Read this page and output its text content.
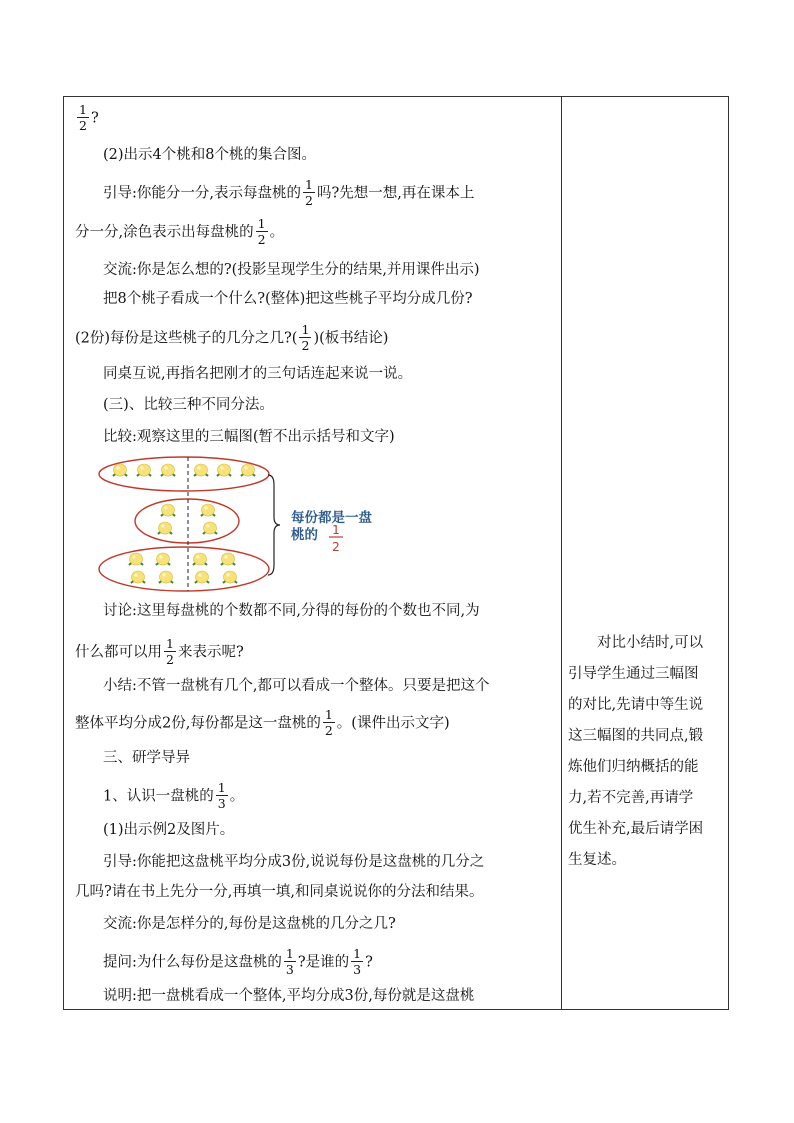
$\frac{1}{2}$ ?
(2)出示4个桃和8个桃的集合图。
引导:你能分一分,表示每盘桃的 $\frac{1}{2}$ 吗?先想一想,再在课本上
分一分,涂色表示出每盘桃的 $\frac{1}{2}$ 。
交流:你是怎么想的?(投影呈现学生分的结果,并用课件出示)
把8个桃子看成一个什么?(整体)把这些桃子平均分成几份?
(2份)每份是这些桃子的几分之几?( $\frac{1}{2}$ )(板书结论)
同桌互说,再指名把刚才的三句话连起来说一说。
(三)、比较三种不同分法。
比较:观察这里的三幅图(暂不出示括号和文字)
讨论:这里每盘桃的个数都不同,分得的每份的个数也不同,为
什么都可以用 $\frac{1}{2}$ 来表示呢?
小结:不管一盘桃有几个,都可以看成一个整体。只要是把这个
整体平均分成2份,每份都是这一盘桃的 $\frac{1}{2}$ 。(课件出示文字)
三、研学导异
1、认识一盘桃的 $\frac{1}{3}$ 。
(1)出示例2及图片。
引导:你能把这盘桃平均分成3份,说说每份是这盘桃的几分之
几吗?请在书上先分一分,再填一填,和同桌说说你的分法和结果。
交流:你是怎样分的,每份是这盘桃的几分之几?
提问:为什么每份是这盘桃的 $\frac{1}{3}$ ?是谁的 $\frac{1}{3}$ ?
说明:把一盘桃看成一个整体,平均分成3份,每份就是这盘桃
每份都是一盘
桃的 1
2

对比小结时,可以

引导学生通过三幅图

的对比,先请中等生说

这三幅图的共同点,锻

炼他们归纳概括的能

力,若不完善,再请学

优生补充,最后请学困

生复述。
